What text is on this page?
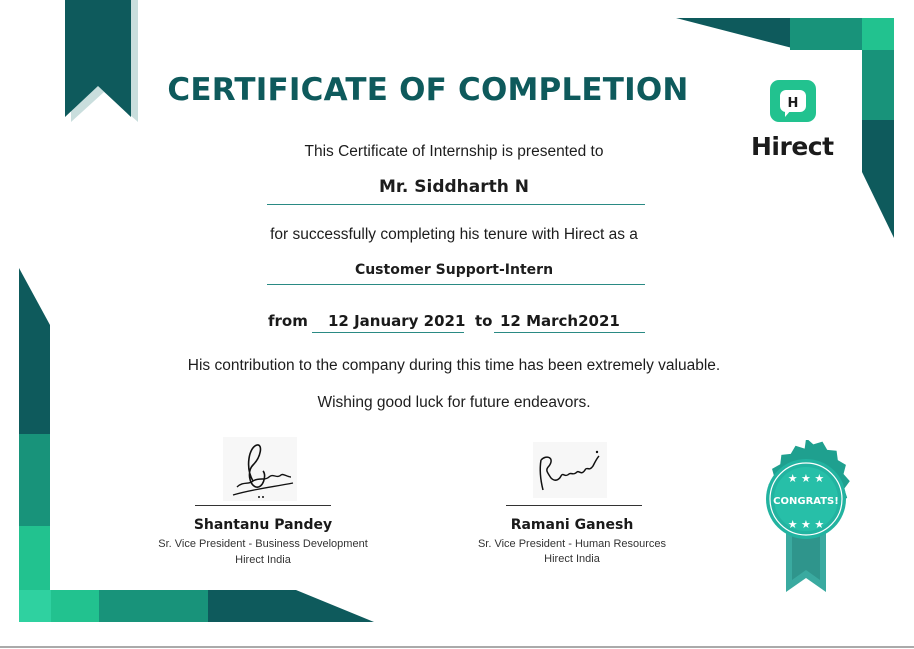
CERTIFICATE OF COMPLETION	H
Hirect
This Certificate of Internship is presented to
Mr. Siddharth N
for successfully completing his tenure with Hirect as a
Customer Support-Intern
from 12 January 2021 to 12 March2021
His contribution to the company during this time has been extremely valuable.
Wishing good luck for future endeavors.
Shantanu Pandey
Sr. Vice President - Business Development
Hirect India
Ramani Ganesh
Sr. Vice President - Human Resources
Hirect India
★ ★ ★
CONGRATS!
★ ★ ★
